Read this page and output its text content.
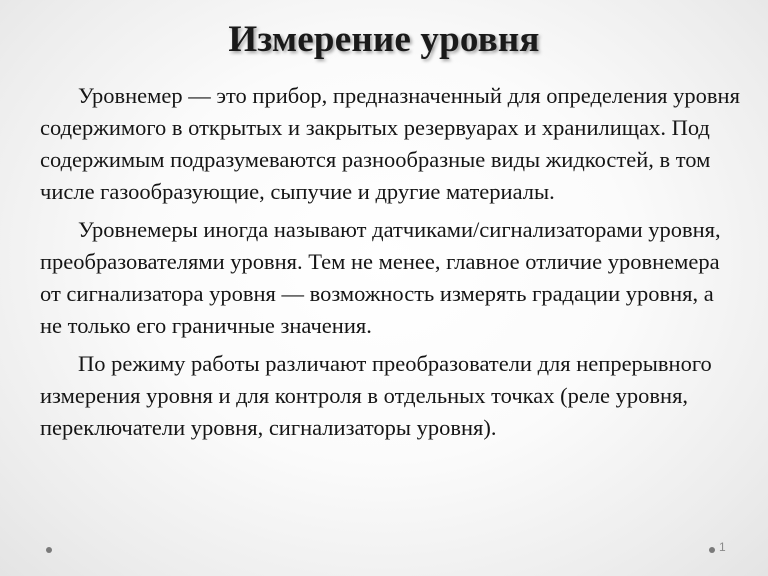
Измерение уровня

Уровнемер — это прибор, предназначенный для определения уровня содержимого в открытых и закрытых резервуарах и хранилищах. Под содержимым подразумеваются разнообразные виды жидкостей, в том числе газообразующие, сыпучие и другие материалы.

Уровнемеры иногда называют датчиками/сигнализаторами уровня, преобразователями уровня. Тем не менее, главное отличие уровнемера от сигнализатора уровня — возможность измерять градации уровня, а не только его граничные значения.

По режиму работы различают преобразователи для непрерывного измерения уровня и для контроля в отдельных точках (реле уровня, переключатели уровня, сигнализаторы уровня).

1
